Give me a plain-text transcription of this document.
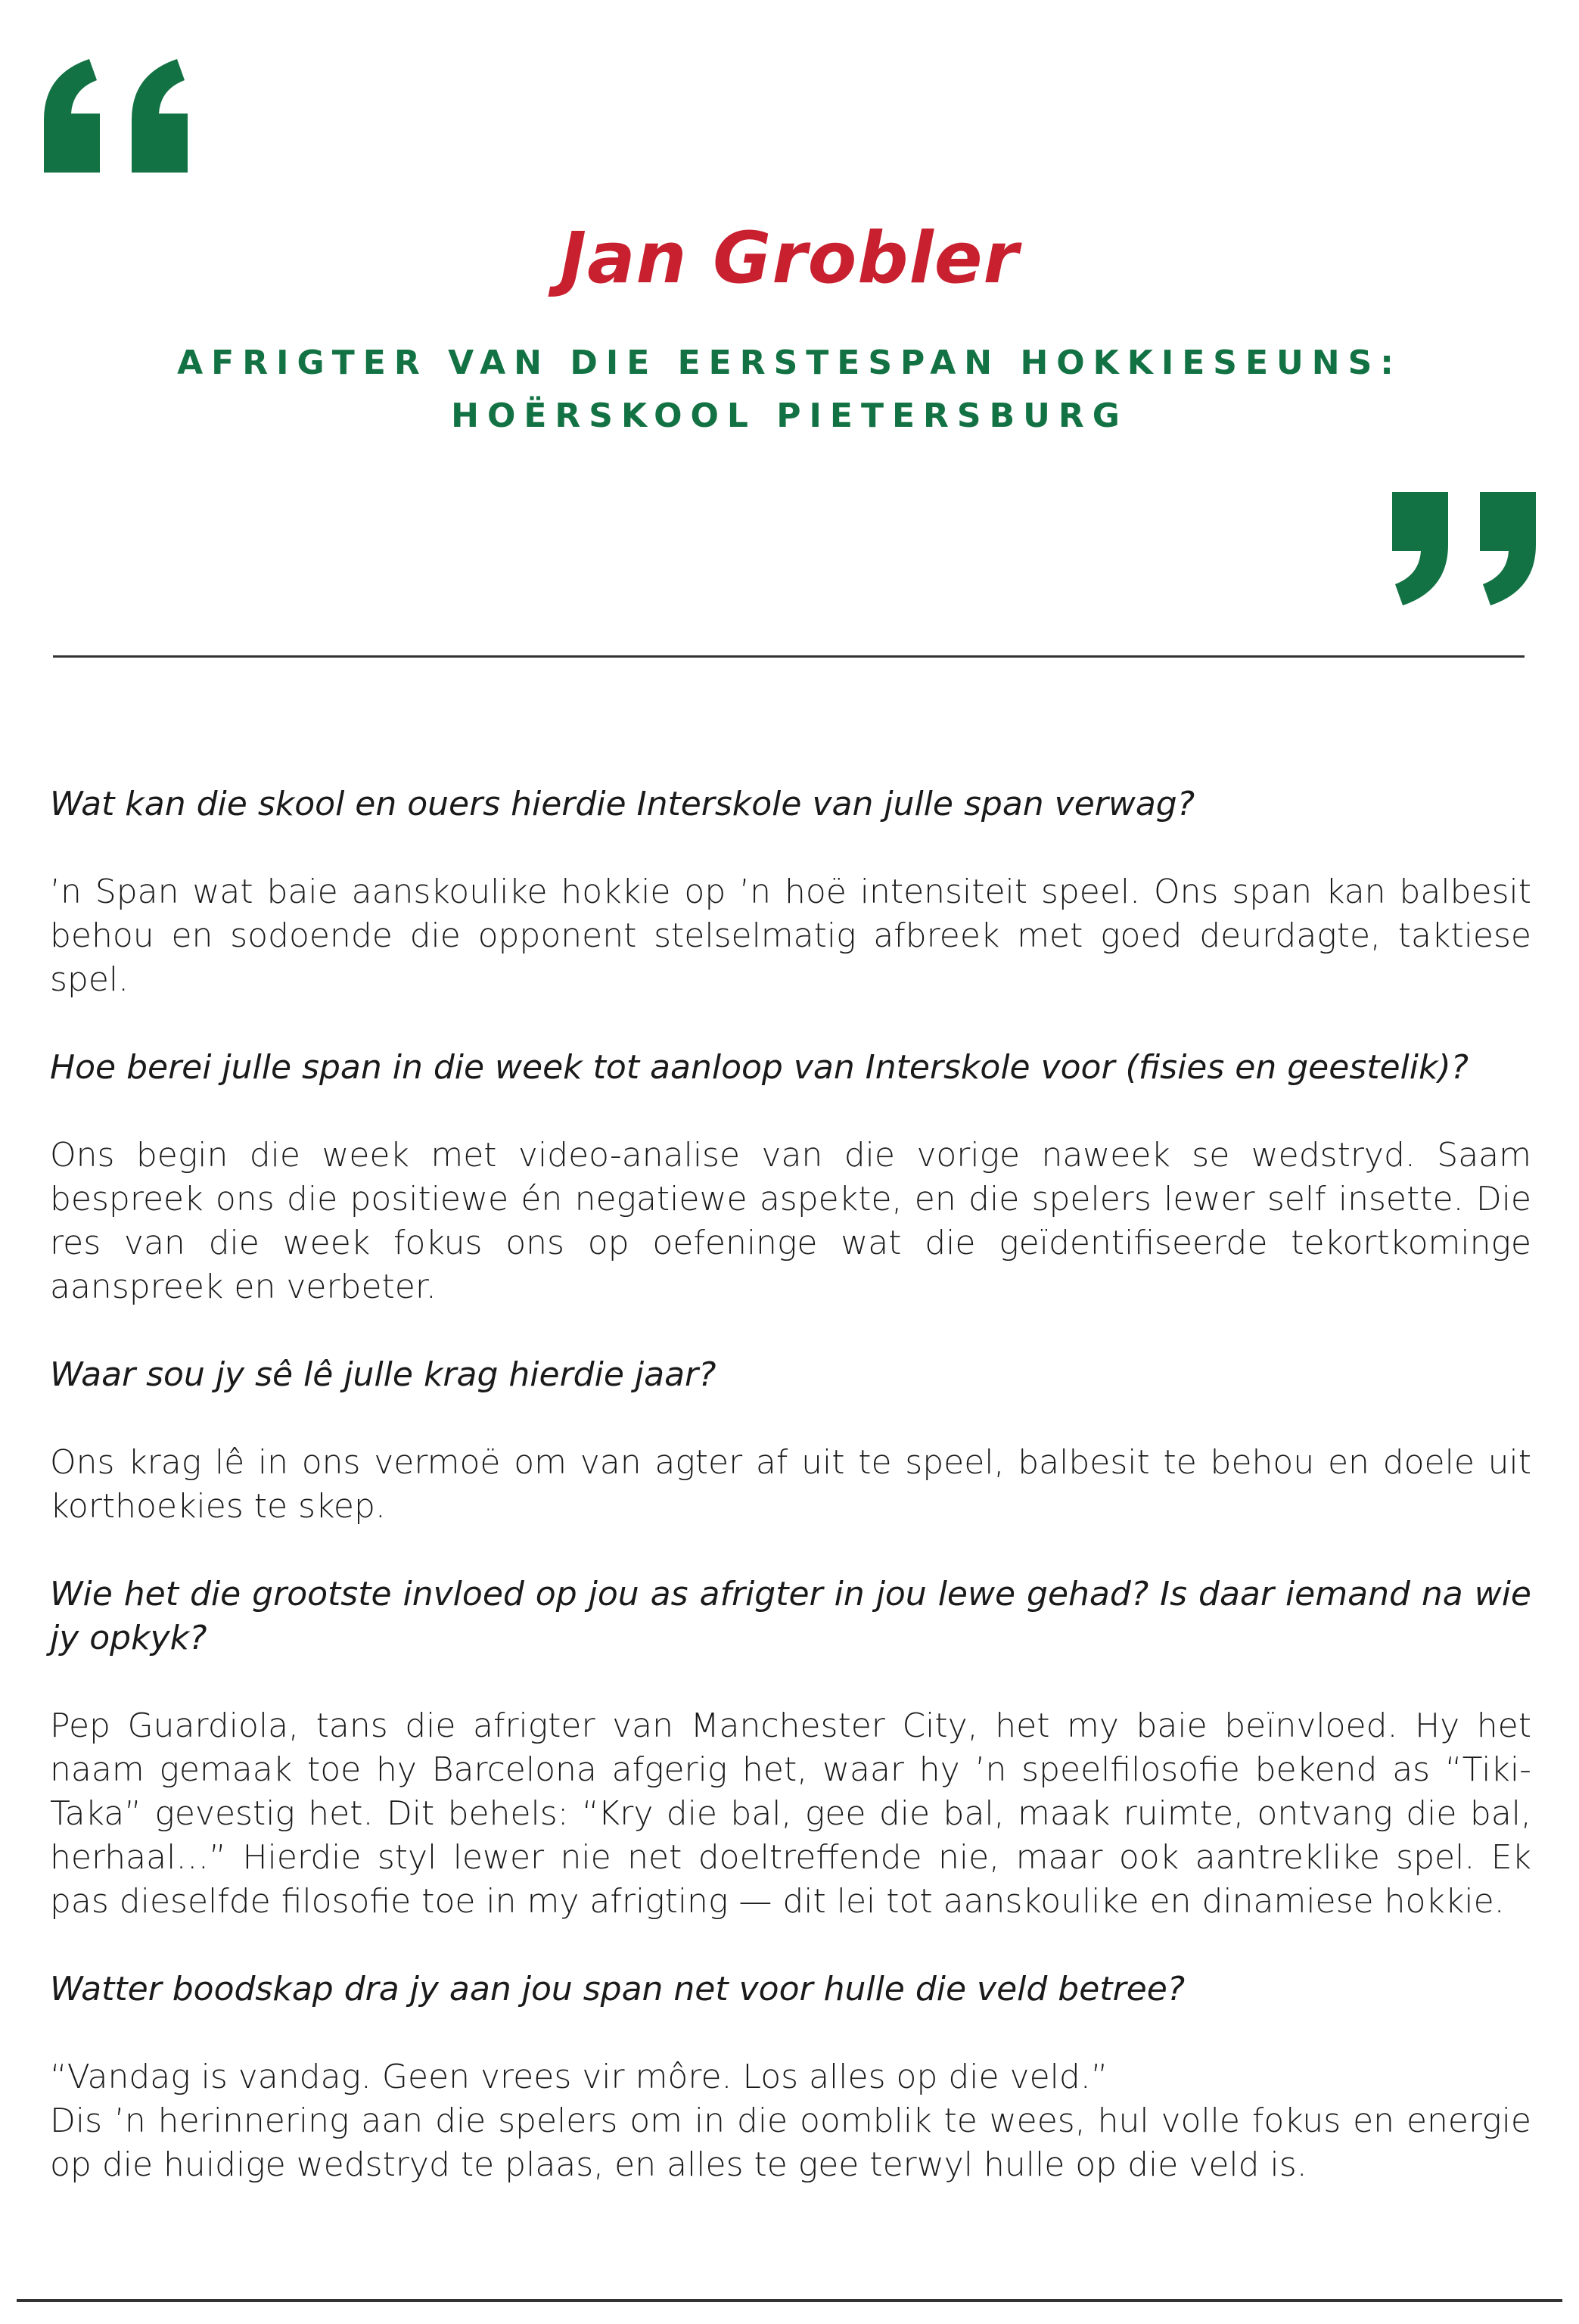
Jan Grobler
AFRIGTER VAN DIE EERSTESPAN HOKKIESEUNS:
HOËRSKOOL PIETERSBURG

Wat kan die skool en ouers hierdie Interskole van julle span verwag?

’n Span wat baie aanskoulike hokkie op ’n hoë intensiteit speel. Ons span kan balbesit behou en sodoende die opponent stelselmatig afbreek met goed deurdagte, taktiese spel.

Hoe berei julle span in die week tot aanloop van Interskole voor (fisies en geestelik)?

Ons begin die week met video-analise van die vorige naweek se wedstryd. Saam bespreek ons die positiewe én negatiewe aspekte, en die spelers lewer self insette. Die res van die week fokus ons op oefeninge wat die geïdentifiseerde tekortkominge aanspreek en verbeter.

Waar sou jy sê lê julle krag hierdie jaar?

Ons krag lê in ons vermoë om van agter af uit te speel, balbesit te behou en doele uit korthoekies te skep.

Wie het die grootste invloed op jou as afrigter in jou lewe gehad? Is daar iemand na wie jy opkyk?

Pep Guardiola, tans die afrigter van Manchester City, het my baie beïnvloed. Hy het naam gemaak toe hy Barcelona afgerig het, waar hy ’n speelfilosofie bekend as “Tiki-Taka” gevestig het. Dit behels: “Kry die bal, gee die bal, maak ruimte, ontvang die bal, herhaal…” Hierdie styl lewer nie net doeltreffende nie, maar ook aantreklike spel. Ek pas dieselfde filosofie toe in my afrigting — dit lei tot aanskoulike en dinamiese hokkie.

Watter boodskap dra jy aan jou span net voor hulle die veld betree?

“Vandag is vandag. Geen vrees vir môre. Los alles op die veld.”
Dis ’n herinnering aan die spelers om in die oomblik te wees, hul volle fokus en energie op die huidige wedstryd te plaas, en alles te gee terwyl hulle op die veld is.
